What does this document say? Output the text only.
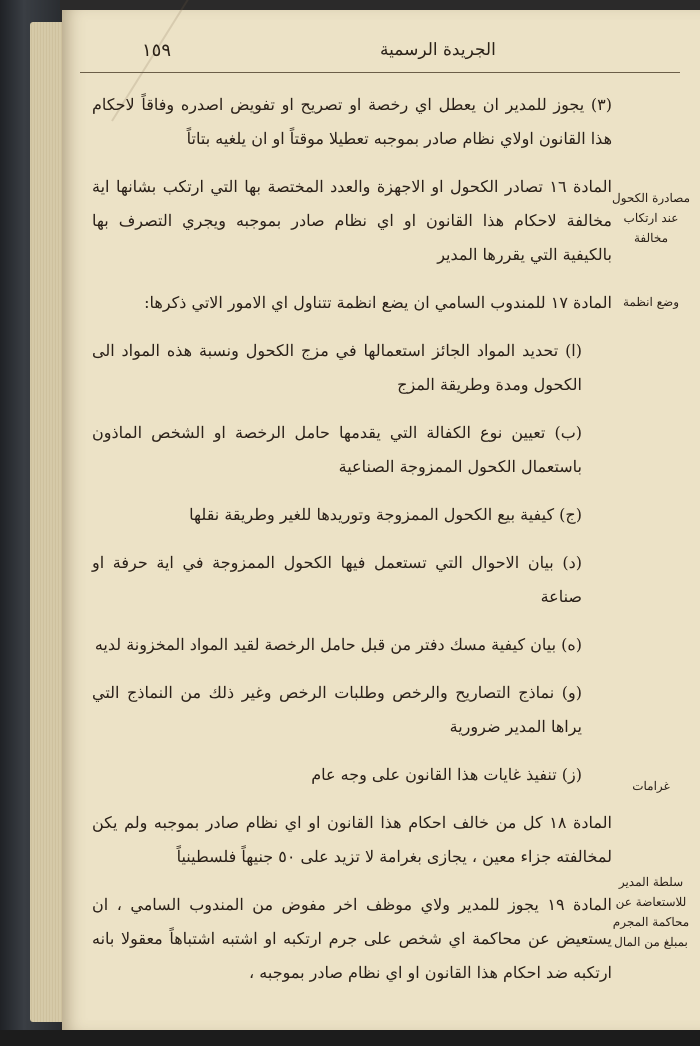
١٥٩	الجريدة الرسمية

(٣) يجوز للمدير ان يعطل اي رخصة او تصريح او تفويض اصدره وفاقاً لاحكام هذا القانون اولاي نظام صادر بموجبه تعطيلا موقتاً او ان يلغيه بتاتاً

المادة ١٦ تصادر الكحول او الاجهزة والعدد المختصة بها التي ارتكب بشانها اية مخالفة لاحكام هذا القانون او اي نظام صادر بموجبه ويجري التصرف بها بالكيفية التي يقررها المدير

المادة ١٧ للمندوب السامي ان يضع انظمة تتناول اي الامور الاتي ذكرها:

(ا) تحديد المواد الجائز استعمالها في مزج الكحول ونسبة هذه المواد الى الكحول ومدة وطريقة المزج

(ب) تعيين نوع الكفالة التي يقدمها حامل الرخصة او الشخص الماذون باستعمال الكحول الممزوجة الصناعية

(ج) كيفية بيع الكحول الممزوجة وتوريدها للغير وطريقة نقلها

(د) بيان الاحوال التي تستعمل فيها الكحول الممزوجة في اية حرفة او صناعة

(ه) بيان كيفية مسك دفتر من قبل حامل الرخصة لقيد المواد المخزونة لديه

(و) نماذج التصاريح والرخص وطلبات الرخص وغير ذلك من النماذج التي يراها المدير ضرورية

(ز) تنفيذ غايات هذا القانون على وجه عام

المادة ١٨ كل من خالف احكام هذا القانون او اي نظام صادر بموجبه ولم يكن لمخالفته جزاء معين ، يجازى بغرامة لا تزيد على ٥٠ جنيهاً فلسطينياً

المادة ١٩ يجوز للمدير ولاي موظف اخر مفوض من المندوب السامي ، ان يستعيض عن محاكمة اي شخص على جرم ارتكبه او اشتبه اشتباهاً معقولا بانه ارتكبه ضد احكام هذا القانون او اي نظام صادر بموجبه ،

مصادرة الكحول عند ارتكاب مخالفة
وضع انظمة
غرامات
سلطة المدير للاستعاضة عن محاكمة المجرم بمبلغ من المال
